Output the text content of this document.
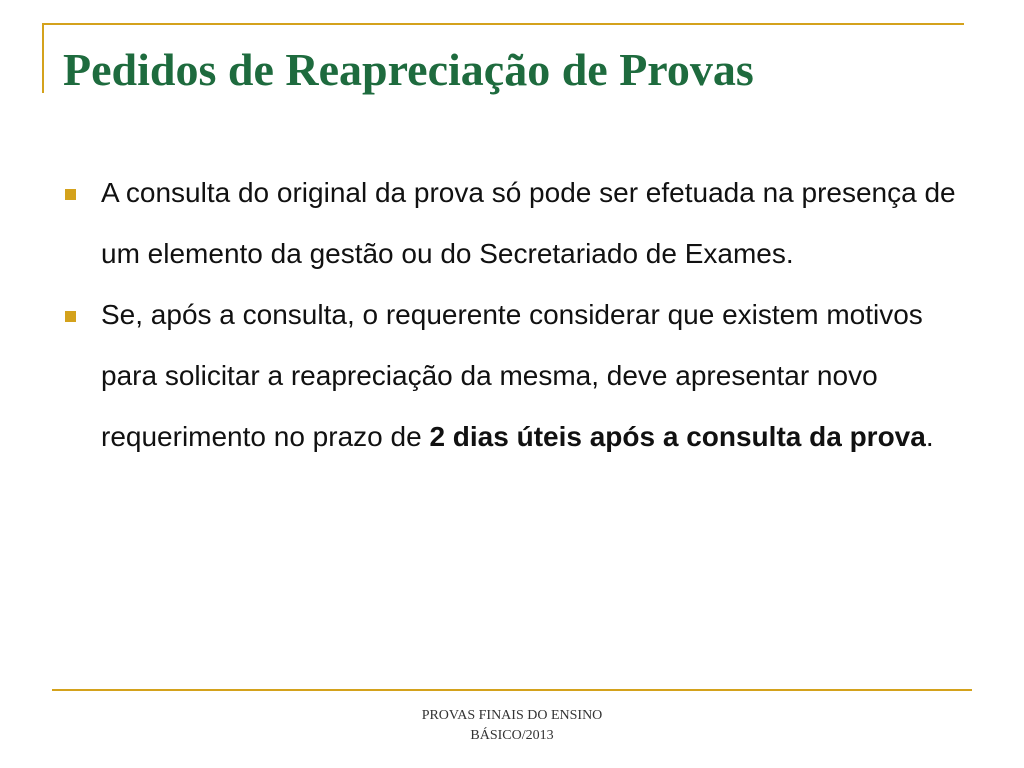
Pedidos de Reapreciação de Provas
A consulta do original da prova só pode ser efetuada na presença de um elemento da gestão ou do Secretariado de Exames.
Se, após a consulta, o requerente considerar que existem motivos para solicitar a reapreciação da mesma, deve apresentar novo requerimento no prazo de 2 dias úteis após a consulta da prova.
PROVAS FINAIS DO ENSINO
BÁSICO/2013
